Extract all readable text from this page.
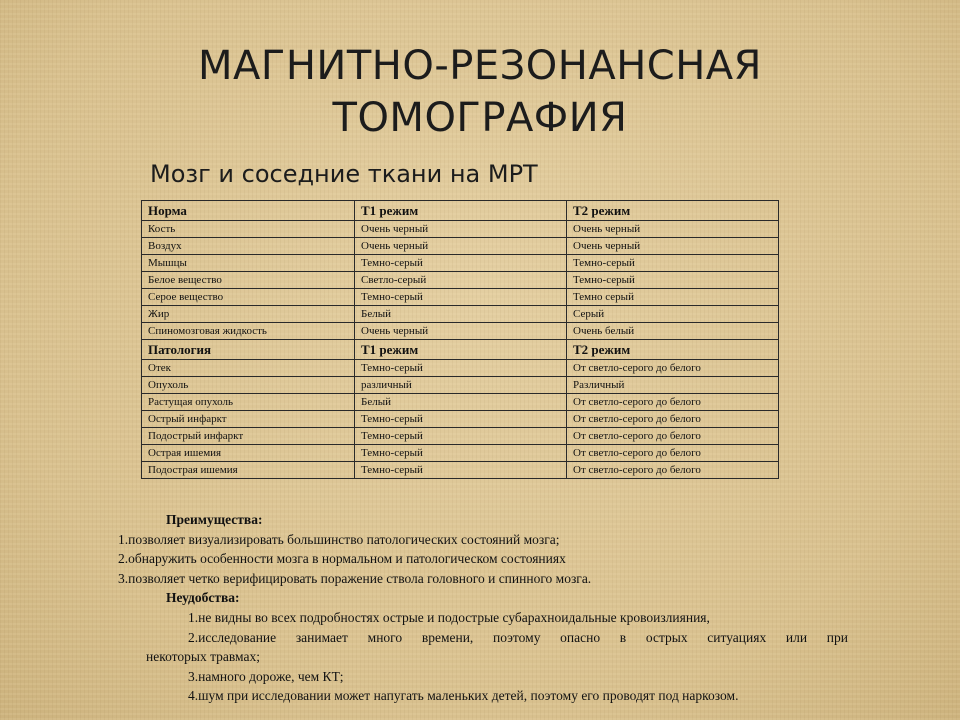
МАГНИТНО-РЕЗОНАНСНАЯ
ТОМОГРАФИЯ
Мозг и соседние ткани на МРТ
Норма	T1 режим	T2 режим
Кость	Очень черный	Очень черный
Воздух	Очень черный	Очень черный
Мышцы	Темно-серый	Темно-серый
Белое вещество	Светло-серый	Темно-серый
Серое вещество	Темно-серый	Темно серый
Жир	Белый	Серый
Спиномозговая жидкость	Очень черный	Очень белый
Патология	T1 режим	T2 режим
Отек	Темно-серый	От светло-серого до белого
Опухоль	различный	Различный
Растущая опухоль	Белый	От светло-серого до белого
Острый инфаркт	Темно-серый	От светло-серого до белого
Подострый инфаркт	Темно-серый	От светло-серого до белого
Острая ишемия	Темно-серый	От светло-серого до белого
Подострая ишемия	Темно-серый	От светло-серого до белого
Преимущества:
1.позволяет визуализировать большинство патологических состояний мозга;
2.обнаружить особенности мозга в нормальном и патологическом состояниях
3.позволяет четко верифицировать поражение ствола головного и спинного мозга.
Неудобства:
1.не видны во всех подробностях острые и подострые субарахноидальные кровоизлияния,
2.исследование занимает много времени, поэтому опасно в острых ситуациях или при
некоторых травмах;
3.намного дороже, чем КТ;
4.шум при исследовании может напугать маленьких детей, поэтому его проводят под наркозом.
